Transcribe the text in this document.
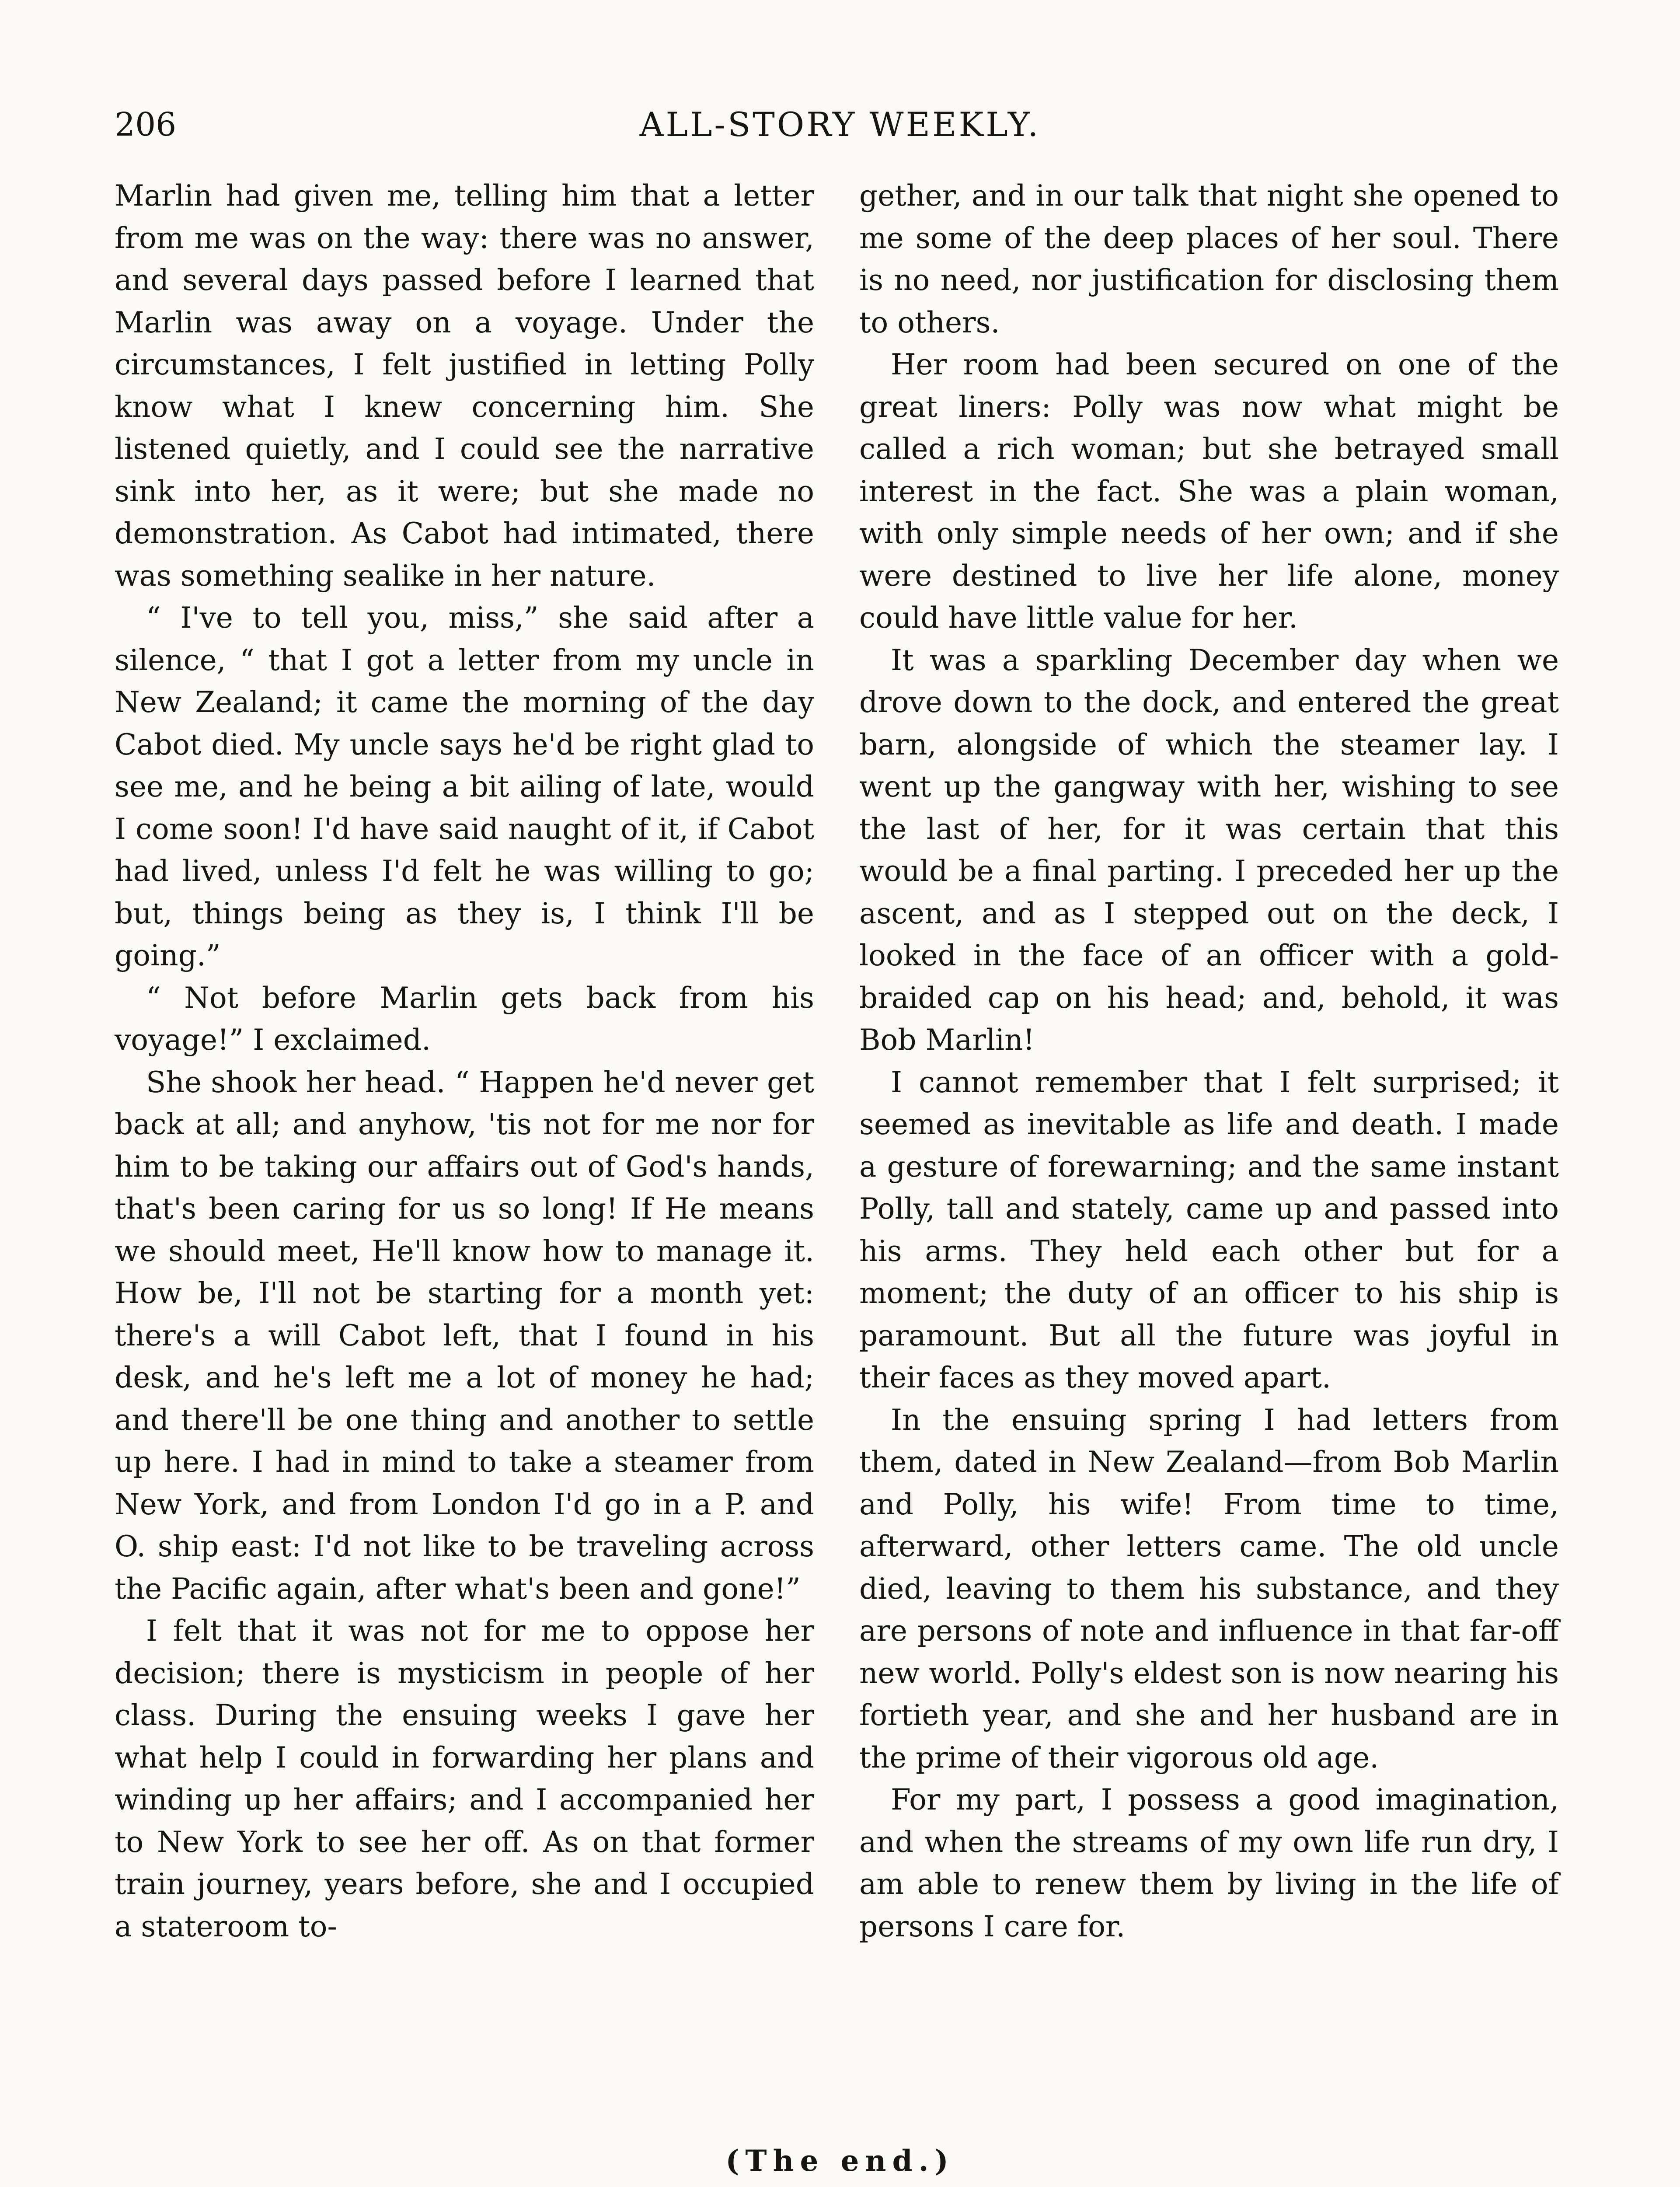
206	ALL-STORY WEEKLY.

Marlin had given me, telling him that a letter from me was on the way: there was no answer, and several days passed before I learned that Marlin was away on a voyage. Under the circumstances, I felt justified in letting Polly know what I knew concerning him. She listened quietly, and I could see the narrative sink into her, as it were; but she made no demonstration. As Cabot had intimated, there was something sealike in her nature.

“ I've to tell you, miss,” she said after a silence, “ that I got a letter from my uncle in New Zealand; it came the morning of the day Cabot died. My uncle says he'd be right glad to see me, and he being a bit ailing of late, would I come soon! I'd have said naught of it, if Cabot had lived, unless I'd felt he was willing to go; but, things being as they is, I think I'll be going.”

“ Not before Marlin gets back from his voyage!” I exclaimed.

She shook her head. “ Happen he'd never get back at all; and anyhow, 'tis not for me nor for him to be taking our affairs out of God's hands, that's been caring for us so long! If He means we should meet, He'll know how to manage it. How be, I'll not be starting for a month yet: there's a will Cabot left, that I found in his desk, and he's left me a lot of money he had; and there'll be one thing and another to settle up here. I had in mind to take a steamer from New York, and from London I'd go in a P. and O. ship east: I'd not like to be traveling across the Pacific again, after what's been and gone!”

I felt that it was not for me to oppose her decision; there is mysticism in people of her class. During the ensuing weeks I gave her what help I could in forwarding her plans and winding up her affairs; and I accompanied her to New York to see her off. As on that former train journey, years before, she and I occupied a stateroom to-

gether, and in our talk that night she opened to me some of the deep places of her soul. There is no need, nor justification for disclosing them to others.

Her room had been secured on one of the great liners: Polly was now what might be called a rich woman; but she betrayed small interest in the fact. She was a plain woman, with only simple needs of her own; and if she were destined to live her life alone, money could have little value for her.

It was a sparkling December day when we drove down to the dock, and entered the great barn, alongside of which the steamer lay. I went up the gangway with her, wishing to see the last of her, for it was certain that this would be a final parting. I preceded her up the ascent, and as I stepped out on the deck, I looked in the face of an officer with a gold-braided cap on his head; and, behold, it was Bob Marlin!

I cannot remember that I felt surprised; it seemed as inevitable as life and death. I made a gesture of forewarning; and the same instant Polly, tall and stately, came up and passed into his arms. They held each other but for a moment; the duty of an officer to his ship is paramount. But all the future was joyful in their faces as they moved apart.

In the ensuing spring I had letters from them, dated in New Zealand—from Bob Marlin and Polly, his wife! From time to time, afterward, other letters came. The old uncle died, leaving to them his substance, and they are persons of note and influence in that far-off new world. Polly's eldest son is now nearing his fortieth year, and she and her husband are in the prime of their vigorous old age.

For my part, I possess a good imagination, and when the streams of my own life run dry, I am able to renew them by living in the life of persons I care for.

(The end.)
